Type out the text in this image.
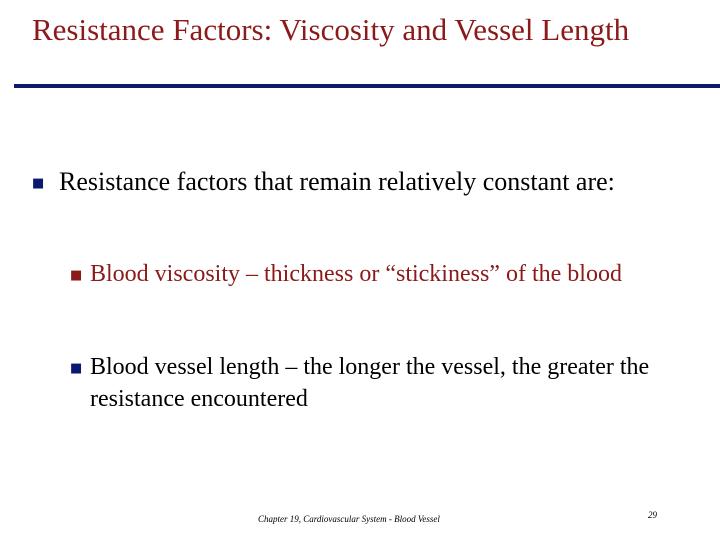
Resistance Factors: Viscosity and Vessel Length
■ Resistance factors that remain relatively constant are:
■ Blood viscosity – thickness or “stickiness” of the blood
■ Blood vessel length – the longer the vessel, the greater the resistance encountered
Chapter 19, Cardiovascular System - Blood Vessel	29
